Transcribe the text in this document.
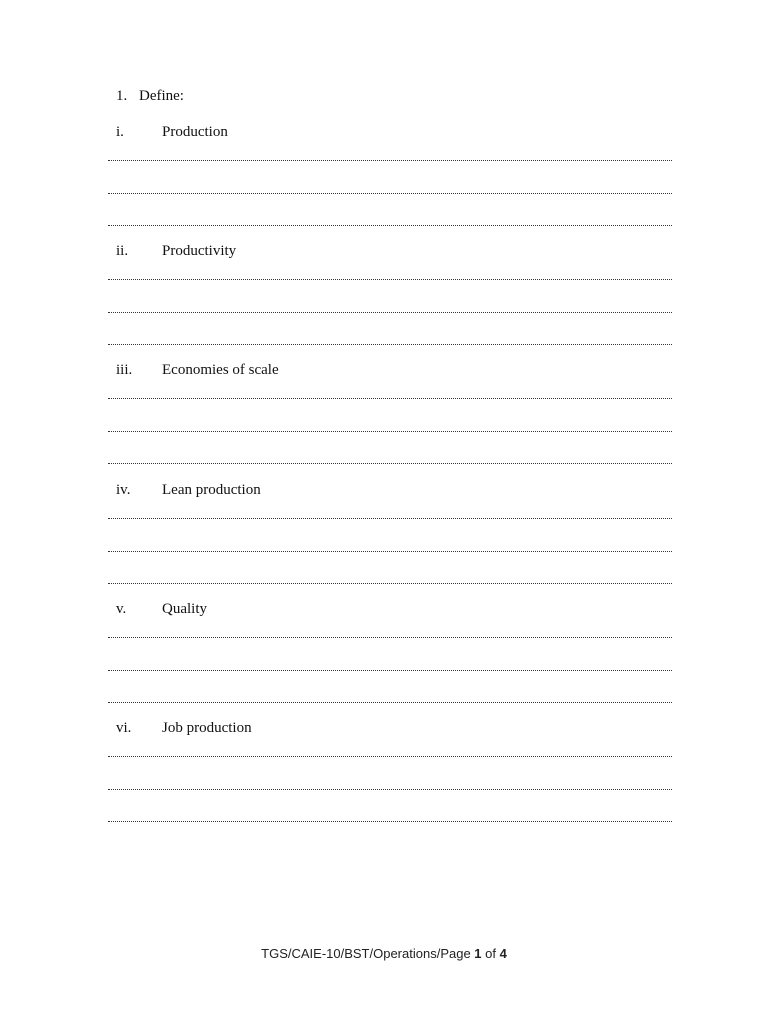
1. Define:
i.	Production
ii. Productivity
iii. Economies of scale
iv. Lean production
v. Quality
vi. Job production
TGS/CAIE-10/BST/Operations/Page 1 of 4
